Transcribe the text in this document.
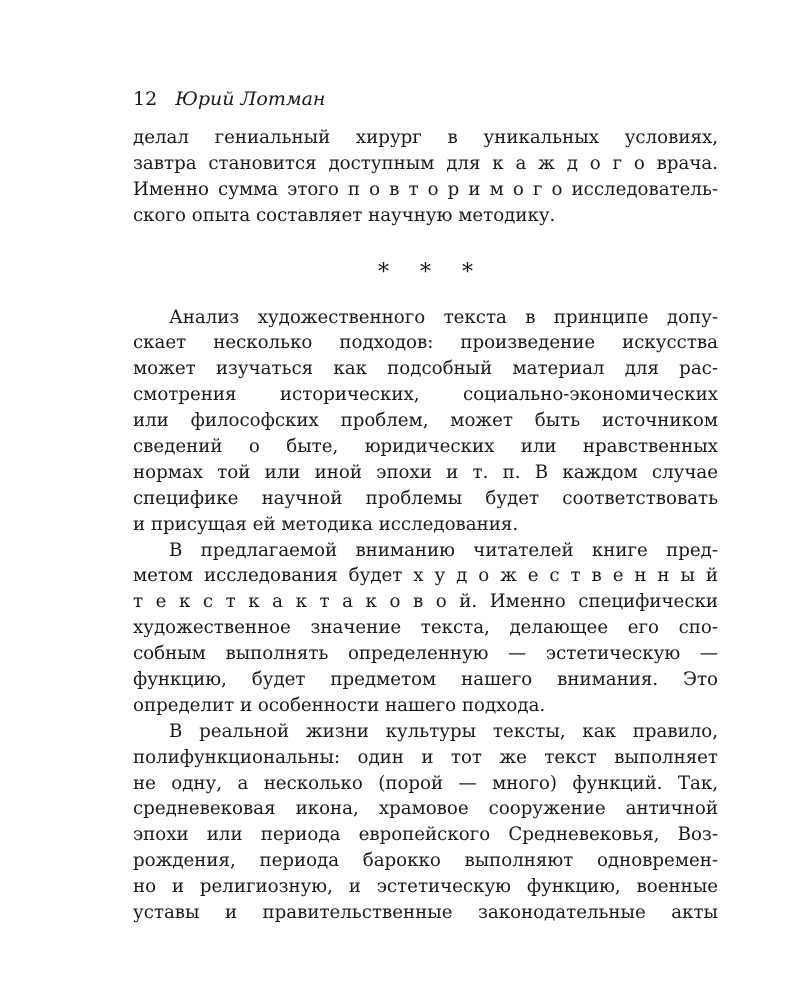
12 Юрий Лотман
делал гениальный хирург в уникальных условиях,
завтра становится доступным для к а ж д о г о врача.
Именно сумма этого п о в т о р и м о г о исследователь-
ского опыта составляет научную методику.
* * *
Анализ художественного текста в принципе допу-
скает несколько подходов: произведение искусства
может изучаться как подсобный материал для рас-
смотрения исторических, социально-экономических
или философских проблем, может быть источником
сведений о быте, юридических или нравственных
нормах той или иной эпохи и т. п. В каждом случае
специфике научной проблемы будет соответствовать
и присущая ей методика исследования.
В предлагаемой вниманию читателей книге пред-
метом исследования будет х у д о ж е с т в е н н ы й
т е к с т к а к т а к о в о й. Именно специфически
художественное значение текста, делающее его спо-
собным выполнять определенную — эстетическую —
функцию, будет предметом нашего внимания. Это
определит и особенности нашего подхода.
В реальной жизни культуры тексты, как правило,
полифункциональны: один и тот же текст выполняет
не одну, а несколько (порой — много) функций. Так,
средневековая икона, храмовое сооружение античной
эпохи или периода европейского Средневековья, Воз-
рождения, периода барокко выполняют одновремен-
но и религиозную, и эстетическую функцию, военные
уставы и правительственные законодательные акты
